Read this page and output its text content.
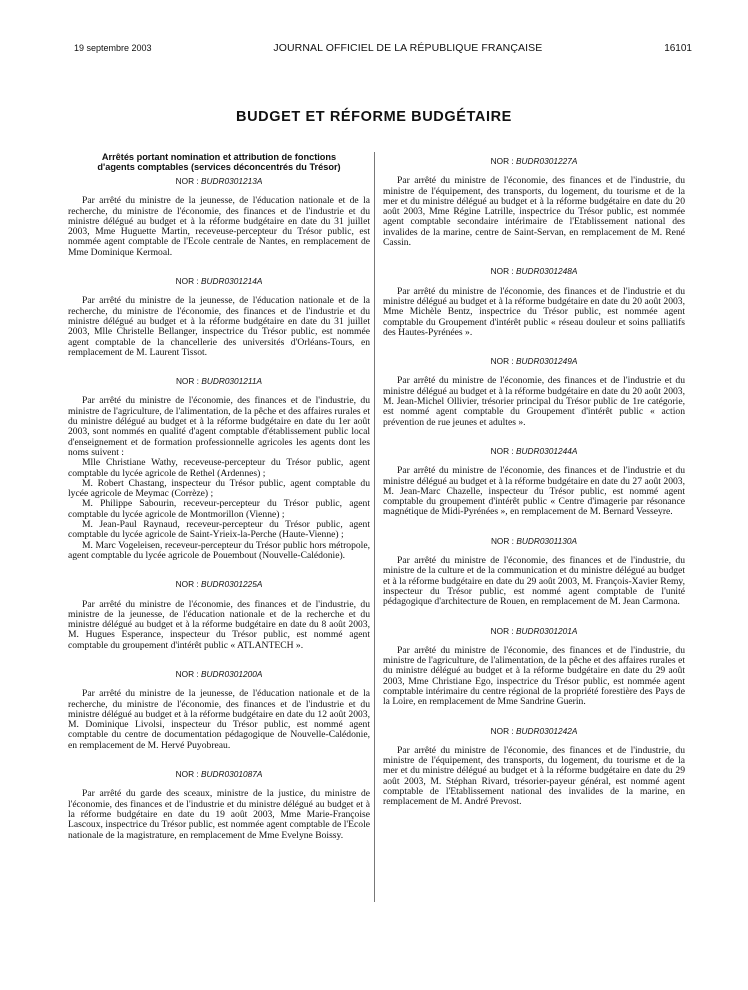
19 septembre 2003	JOURNAL OFFICIEL DE LA RÉPUBLIQUE FRANÇAISE	16101
BUDGET ET RÉFORME BUDGÉTAIRE
Arrêtés portant nomination et attribution de fonctions
d'agents comptables (services déconcentrés du Trésor)
NOR : BUDR0301213A

Par arrêté du ministre de la jeunesse, de l'éducation nationale et de la recherche, du ministre de l'économie, des finances et de l'industrie et du ministre délégué au budget et à la réforme budgétaire en date du 31 juillet 2003, Mme Huguette Martin, receveuse-percepteur du Trésor public, est nommée agent comptable de l'Ecole centrale de Nantes, en remplacement de Mme Dominique Kermoal.

NOR : BUDR0301214A

Par arrêté du ministre de la jeunesse, de l'éducation nationale et de la recherche, du ministre de l'économie, des finances et de l'industrie et du ministre délégué au budget et à la réforme budgétaire en date du 31 juillet 2003, Mlle Christelle Bellanger, inspectrice du Trésor public, est nommée agent comptable de la chancellerie des universités d'Orléans-Tours, en remplacement de M. Laurent Tissot.

NOR : BUDR0301211A

Par arrêté du ministre de l'économie, des finances et de l'industrie, du ministre de l'agriculture, de l'alimentation, de la pêche et des affaires rurales et du ministre délégué au budget et à la réforme budgétaire en date du 1er août 2003, sont nommés en qualité d'agent comptable d'établissement public local d'enseignement et de formation professionnelle agricoles les agents dont les noms suivent :

Mlle Christiane Wathy, receveuse-percepteur du Trésor public, agent comptable du lycée agricole de Rethel (Ardennes) ;

M. Robert Chastang, inspecteur du Trésor public, agent comptable du lycée agricole de Meymac (Corrèze) ;

M. Philippe Sabourin, receveur-percepteur du Trésor public, agent comptable du lycée agricole de Montmorillon (Vienne) ;

M. Jean-Paul Raynaud, receveur-percepteur du Trésor public, agent comptable du lycée agricole de Saint-Yrieix-la-Perche (Haute-Vienne) ;

M. Marc Vogeleisen, receveur-percepteur du Trésor public hors métropole, agent comptable du lycée agricole de Pouembout (Nouvelle-Calédonie).

NOR : BUDR0301225A

Par arrêté du ministre de l'économie, des finances et de l'industrie, du ministre de la jeunesse, de l'éducation nationale et de la recherche et du ministre délégué au budget et à la réforme budgétaire en date du 8 août 2003, M. Hugues Esperance, inspecteur du Trésor public, est nommé agent comptable du groupement d'intérêt public « ATLANTECH ».

NOR : BUDR0301200A

Par arrêté du ministre de la jeunesse, de l'éducation nationale et de la recherche, du ministre de l'économie, des finances et de l'industrie et du ministre délégué au budget et à la réforme budgétaire en date du 12 août 2003, M. Dominique Livolsi, inspecteur du Trésor public, est nommé agent comptable du centre de documentation pédagogique de Nouvelle-Calédonie, en remplacement de M. Hervé Puyobreau.

NOR : BUDR0301087A

Par arrêté du garde des sceaux, ministre de la justice, du ministre de l'économie, des finances et de l'industrie et du ministre délégué au budget et à la réforme budgétaire en date du 19 août 2003, Mme Marie-Françoise Lascoux, inspectrice du Trésor public, est nommée agent comptable de l'Ecole nationale de la magistrature, en remplacement de Mme Evelyne Boissy.

NOR : BUDR0301227A

Par arrêté du ministre de l'économie, des finances et de l'industrie, du ministre de l'équipement, des transports, du logement, du tourisme et de la mer et du ministre délégué au budget et à la réforme budgétaire en date du 20 août 2003, Mme Régine Latrille, inspectrice du Trésor public, est nommée agent comptable secondaire intérimaire de l'Etablissement national des invalides de la marine, centre de Saint-Servan, en remplacement de M. René Cassin.

NOR : BUDR0301248A

Par arrêté du ministre de l'économie, des finances et de l'industrie et du ministre délégué au budget et à la réforme budgétaire en date du 20 août 2003, Mme Michèle Bentz, inspectrice du Trésor public, est nommée agent comptable du Groupement d'intérêt public « réseau douleur et soins palliatifs des Hautes-Pyrénées ».

NOR : BUDR0301249A

Par arrêté du ministre de l'économie, des finances et de l'industrie et du ministre délégué au budget et à la réforme budgétaire en date du 20 août 2003, M. Jean-Michel Ollivier, trésorier principal du Trésor public de 1re catégorie, est nommé agent comptable du Groupement d'intérêt public « action prévention de rue jeunes et adultes ».

NOR : BUDR0301244A

Par arrêté du ministre de l'économie, des finances et de l'industrie et du ministre délégué au budget et à la réforme budgétaire en date du 27 août 2003, M. Jean-Marc Chazelle, inspecteur du Trésor public, est nommé agent comptable du groupement d'intérêt public « Centre d'imagerie par résonance magnétique de Midi-Pyrénées », en remplacement de M. Bernard Vesseyre.

NOR : BUDR0301130A

Par arrêté du ministre de l'économie, des finances et de l'industrie, du ministre de la culture et de la communication et du ministre délégué au budget et à la réforme budgétaire en date du 29 août 2003, M. François-Xavier Remy, inspecteur du Trésor public, est nommé agent comptable de l'unité pédagogique d'architecture de Rouen, en remplacement de M. Jean Carmona.

NOR : BUDR0301201A

Par arrêté du ministre de l'économie, des finances et de l'industrie, du ministre de l'agriculture, de l'alimentation, de la pêche et des affaires rurales et du ministre délégué au budget et à la réforme budgétaire en date du 29 août 2003, Mme Christiane Ego, inspectrice du Trésor public, est nommée agent comptable intérimaire du centre régional de la propriété forestière des Pays de la Loire, en remplacement de Mme Sandrine Guerin.

NOR : BUDR0301242A

Par arrêté du ministre de l'économie, des finances et de l'industrie, du ministre de l'équipement, des transports, du logement, du tourisme et de la mer et du ministre délégué au budget et à la réforme budgétaire en date du 29 août 2003, M. Stéphan Rivard, trésorier-payeur général, est nommé agent comptable de l'Etablissement national des invalides de la marine, en remplacement de M. André Prevost.
